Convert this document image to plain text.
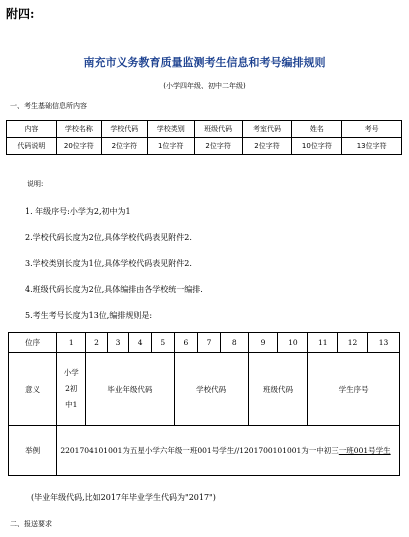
附四:
南充市义务教育质量监测考生信息和考号编排规则
(小学四年级、初中二年级)
一、考生基础信息所内容
内容	学校名称	学校代码	学校类别	班级代码	考室代码	姓名	考号
代码说明	20位字符	2位字符	1位字符	2位字符	2位字符	10位字符	13位字符
说明:
1. 年级序号:小学为2,初中为1
2.学校代码长度为2位,具体学校代码表见附件2.
3.学校类别长度为1位,具体学校代码表见附件2.
4.班级代码长度为2位,具体编排由各学校统一编排.
5.考生考号长度为13位,编排规则是:
位序	1	2	3	4	5	6	7	8	9	10	11	12	13
意义	小学
2初
中1	毕业年级代码				学校代码			班级代码		学生序号		
举例	2201704101001为五星小学六年级一班001号学生//1201700101001为一中初三一班001号学生												
(毕业年级代码,比如2017年毕业学生代码为"2017")
二、报送要求
